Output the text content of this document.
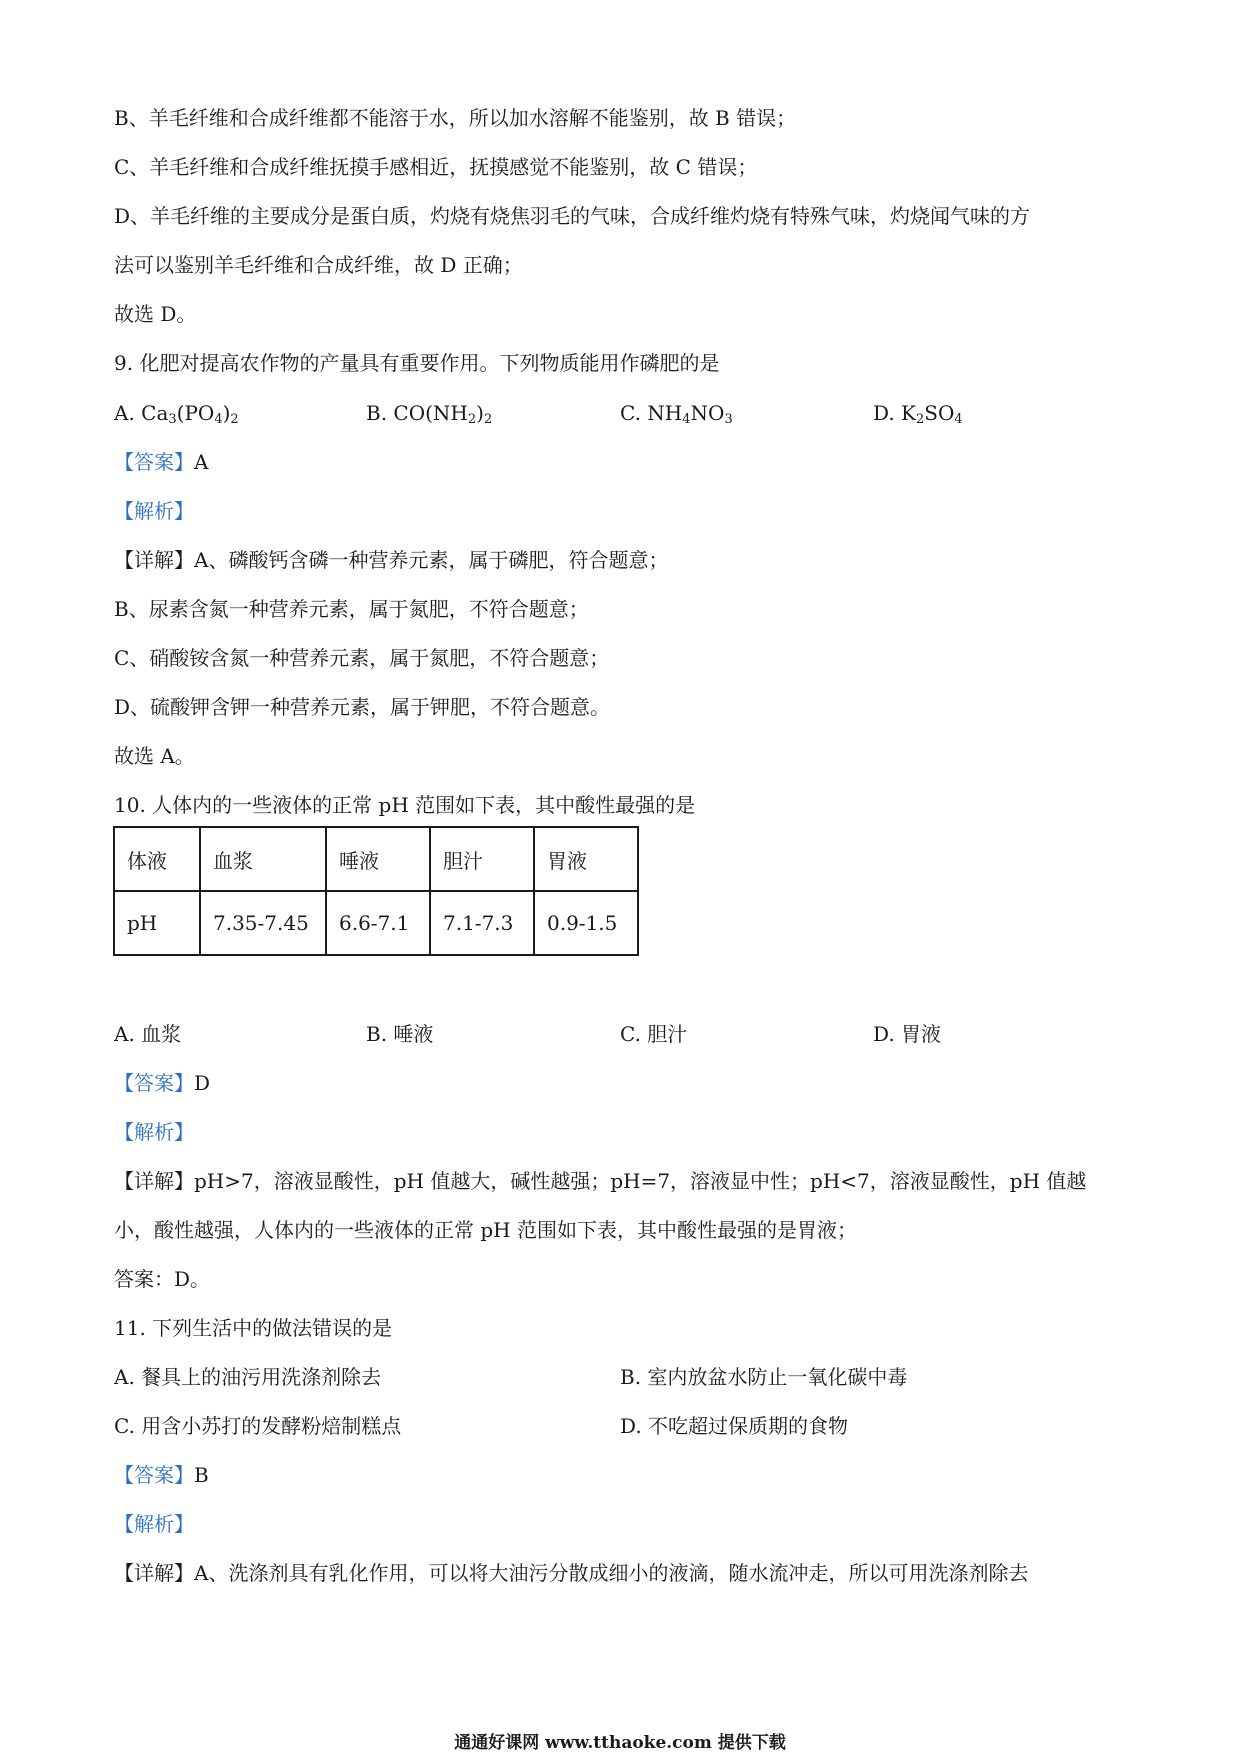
B、羊毛纤维和合成纤维都不能溶于水，所以加水溶解不能鉴别，故 B 错误；
C、羊毛纤维和合成纤维抚摸手感相近，抚摸感觉不能鉴别，故 C 错误；
D、羊毛纤维的主要成分是蛋白质，灼烧有烧焦羽毛的气味，合成纤维灼烧有特殊气味，灼烧闻气味的方
法可以鉴别羊毛纤维和合成纤维，故 D 正确；
故选 D。
9. 化肥对提高农作物的产量具有重要作用。下列物质能用作磷肥的是
A. $Ca_3(PO_4)_2$	B. $CO(NH_2)_2$	C. $NH_4NO_3$	D. $K_2SO_4$
【答案】A
【解析】
【详解】A、磷酸钙含磷一种营养元素，属于磷肥，符合题意；
B、尿素含氮一种营养元素，属于氮肥，不符合题意；
C、硝酸铵含氮一种营养元素，属于氮肥，不符合题意；
D、硫酸钾含钾一种营养元素，属于钾肥，不符合题意。
故选 A。
10. 人体内的一些液体的正常 pH 范围如下表，其中酸性最强的是
体液	血浆	唾液	胆汁	胃液
pH	7.35-7.45	6.6-7.1	7.1-7.3	0.9-1.5
A. 血浆	B. 唾液	C. 胆汁	D. 胃液
【答案】D
【解析】
【详解】pH>7，溶液显酸性，pH 值越大，碱性越强；pH=7，溶液显中性；pH<7，溶液显酸性，pH 值越
小，酸性越强，人体内的一些液体的正常 pH 范围如下表，其中酸性最强的是胃液；
答案：D。
11. 下列生活中的做法错误的是
A. 餐具上的油污用洗涤剂除去	B. 室内放盆水防止一氧化碳中毒
C. 用含小苏打的发酵粉焙制糕点	D. 不吃超过保质期的食物
【答案】B
【解析】
【详解】A、洗涤剂具有乳化作用，可以将大油污分散成细小的液滴，随水流冲走，所以可用洗涤剂除去
通通好课网 www.tthaoke.com 提供下载
